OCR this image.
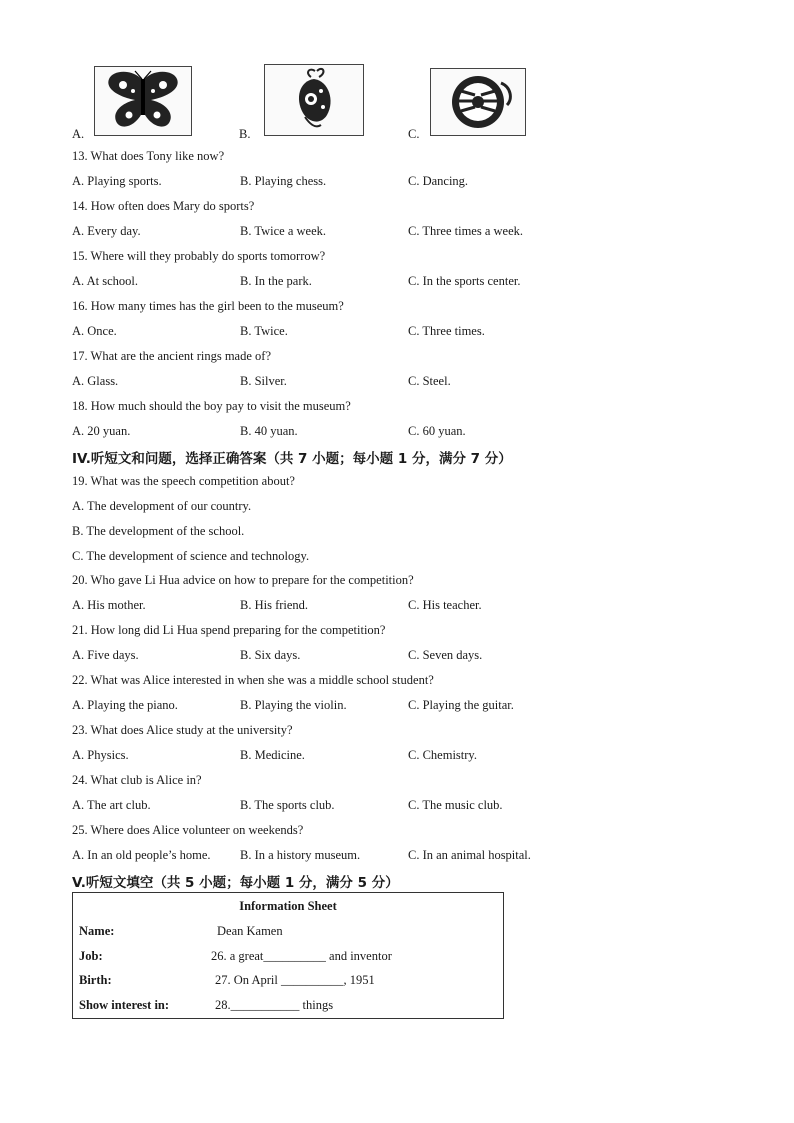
A.	B.	C.
13. What does Tony like now?
A. Playing sports.	B. Playing chess.	C. Dancing.
14. How often does Mary do sports?
A. Every day.	B. Twice a week.	C. Three times a week.
15. Where will they probably do sports tomorrow?
A. At school.	B. In the park.	C. In the sports center.
16. How many times has the girl been to the museum?
A. Once.	B. Twice.	C. Three times.
17. What are the ancient rings made of?
A. Glass.	B. Silver.	C. Steel.
18. How much should the boy pay to visit the museum?
A. 20 yuan.	B. 40 yuan.	C. 60 yuan.
IV.听短文和问题，选择正确答案（共 7 小题；每小题 1 分，满分 7 分）
19. What was the speech competition about?
A. The development of our country.
B. The development of the school.
C. The development of science and technology.
20. Who gave Li Hua advice on how to prepare for the competition?
A. His mother.	B. His friend.	C. His teacher.
21. How long did Li Hua spend preparing for the competition?
A. Five days.	B. Six days.	C. Seven days.
22. What was Alice interested in when she was a middle school student?
A. Playing the piano.	B. Playing the violin.	C. Playing the guitar.
23. What does Alice study at the university?
A. Physics.	B. Medicine.	C. Chemistry.
24. What club is Alice in?
A. The art club.	B. The sports club.	C. The music club.
25. Where does Alice volunteer on weekends?
A. In an old people’s home. B. In a history museum.	C. In an animal hospital.
V.听短文填空（共 5 小题；每小题 1 分，满分 5 分）
Information Sheet
Name:	Dean Kamen
Job:	26. a great__________ and inventor
Birth:	27. On April __________, 1951
Show interest in:	28.___________ things
